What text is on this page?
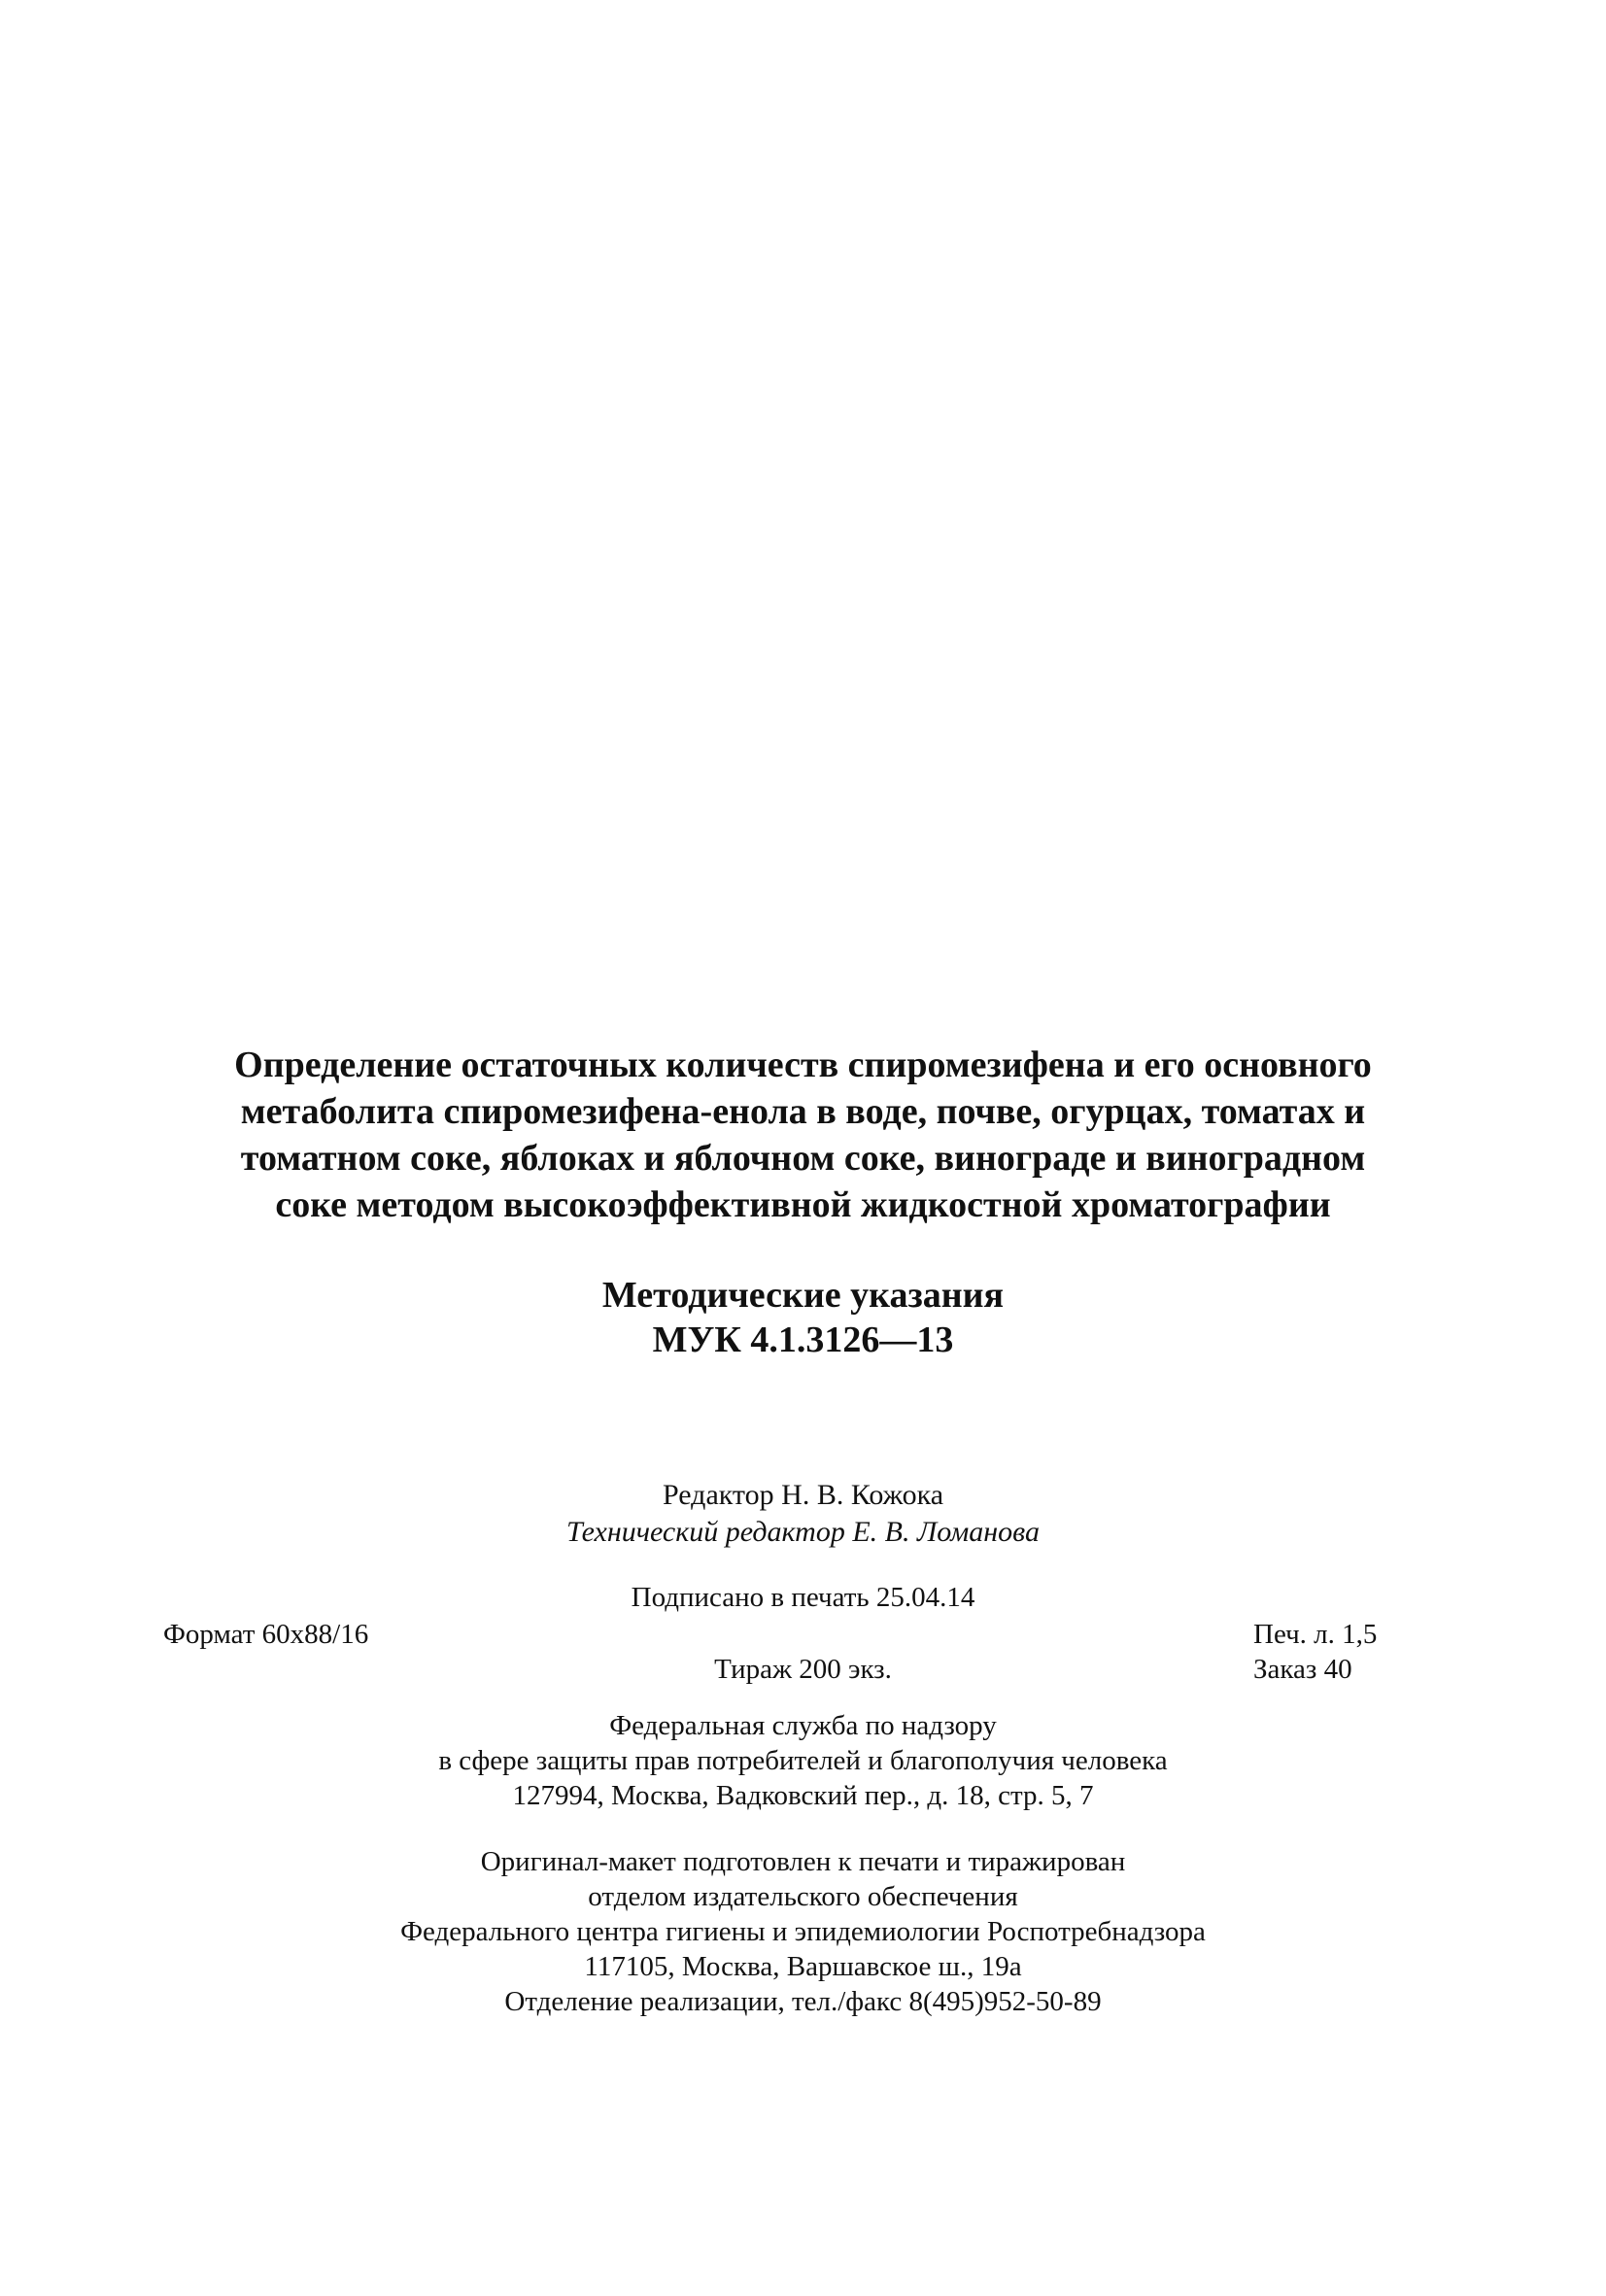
Определение остаточных количеств спиромезифена и его основного
метаболита спиромезифена-енола в воде, почве, огурцах, томатах и
томатном соке, яблоках и яблочном соке, винограде и виноградном
соке методом высокоэффективной жидкостной хроматографии
Методические указания
МУК 4.1.3126—13
Редактор Н. В. Кожока
Технический редактор Е. В. Ломанова
Подписано в печать 25.04.14
Формат 60x88/16	Печ. л. 1,5
Тираж 200 экз.	Заказ 40
Федеральная служба по надзору
в сфере защиты прав потребителей и благополучия человека
127994, Москва, Вадковский пер., д. 18, стр. 5, 7
Оригинал-макет подготовлен к печати и тиражирован
отделом издательского обеспечения
Федерального центра гигиены и эпидемиологии Роспотребнадзора
117105, Москва, Варшавское ш., 19а
Отделение реализации, тел./факс 8(495)952-50-89
